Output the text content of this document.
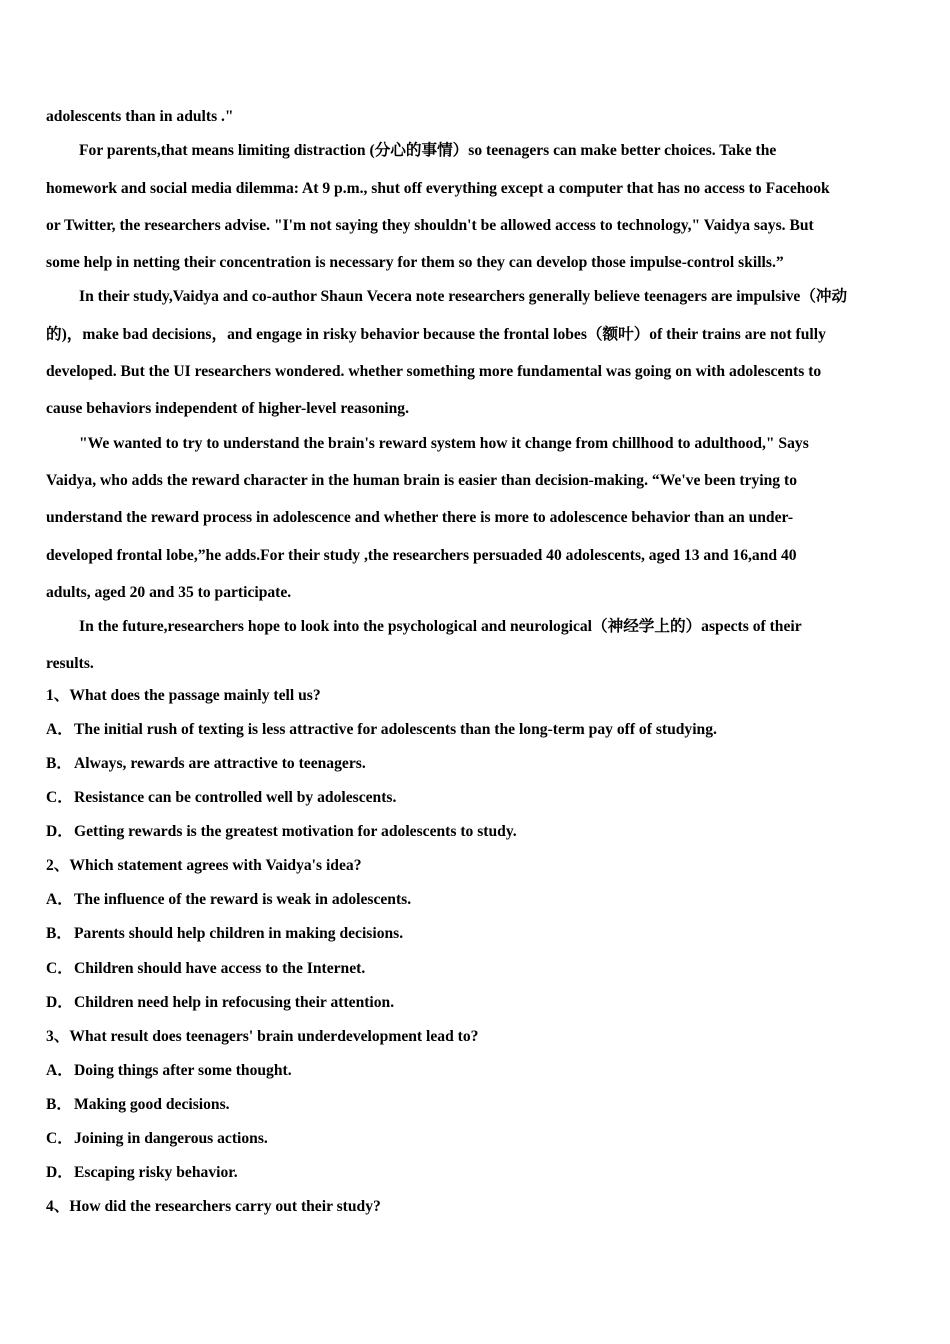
adolescents than in adults ."

For parents,that means limiting distraction (分心的事情）so teenagers can make better choices. Take the
homework and social media dilemma: At 9 p.m., shut off everything except a computer that has no access to Facehook
or Twitter, the researchers advise. "I'm not saying they shouldn't be allowed access to technology," Vaidya says. But
some help in netting their concentration is necessary for them so they can develop those impulse-control skills.”

In their study,Vaidya and co-author Shaun Vecera note researchers generally believe teenagers are impulsive（冲动
的)，make bad decisions，and engage in risky behavior because the frontal lobes（额叶）of their trains are not fully
developed. But the UI researchers wondered. whether something more fundamental was going on with adolescents to
cause behaviors independent of higher-level reasoning.

"We wanted to try to understand the brain's reward system how it change from chillhood to adulthood," Says
Vaidya, who adds the reward character in the human brain is easier than decision-making. “We've been trying to
understand the reward process in adolescence and whether there is more to adolescence behavior than an under-
developed frontal lobe,”he adds.For their study ,the researchers persuaded 40 adolescents, aged 13 and 16,and 40
adults, aged 20 and 35 to participate.

In the future,researchers hope to look into the psychological and neurological（神经学上的）aspects of their
results.

1、What does the passage mainly tell us?

A．The initial rush of texting is less attractive for adolescents than the long-term pay off of studying.

B． Always, rewards are attractive to teenagers.

C．Resistance can be controlled well by adolescents.

D．Getting rewards is the greatest motivation for adolescents to study.

2、Which statement agrees with Vaidya's idea?

A．The influence of the reward is weak in adolescents.

B． Parents should help children in making decisions.

C．Children should have access to the Internet.

D．Children need help in refocusing their attention.

3、What result does teenagers' brain underdevelopment lead to?

A．Doing things after some thought.

B． Making good decisions.

C．Joining in dangerous actions.

D．Escaping risky behavior.

4、How did the researchers carry out their study?
